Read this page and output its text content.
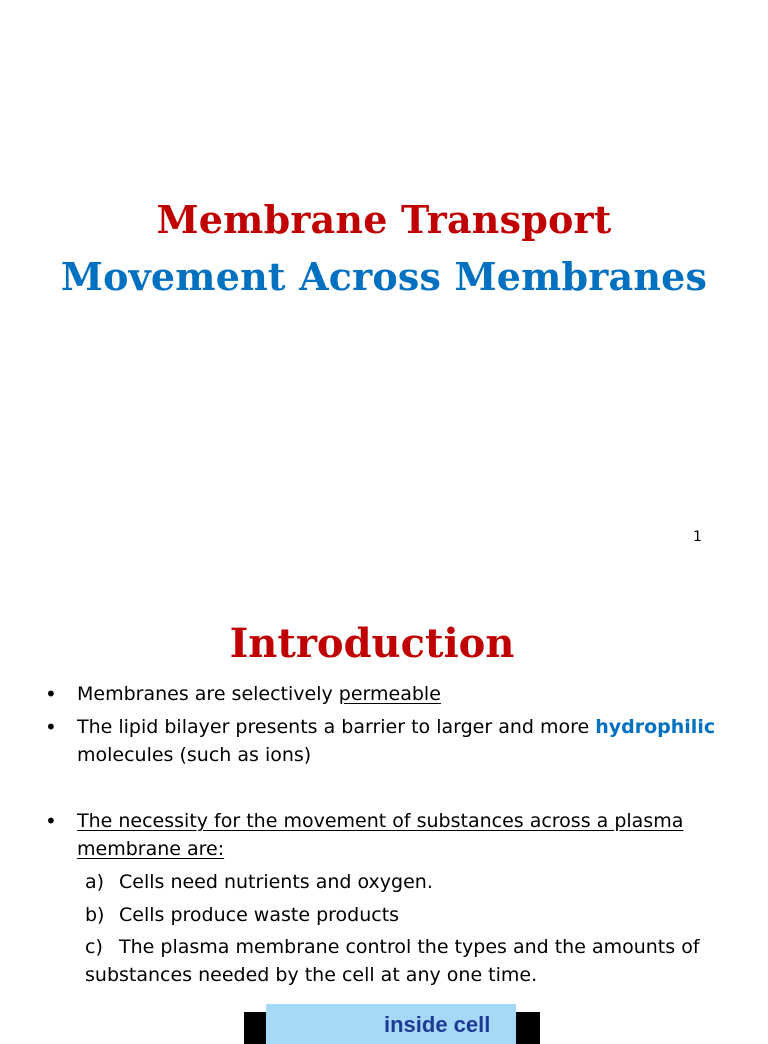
Membrane Transport
Movement Across Membranes
1
Introduction
• Membranes are selectively permeable
• The lipid bilayer presents a barrier to larger and more hydrophilic
molecules (such as ions)
• The necessity for the movement of substances across a plasma
membrane are:
a) Cells need nutrients and oxygen.
b) Cells produce waste products
c) The plasma membrane control the types and the amounts of
substances needed by the cell at any one time.
inside cell
